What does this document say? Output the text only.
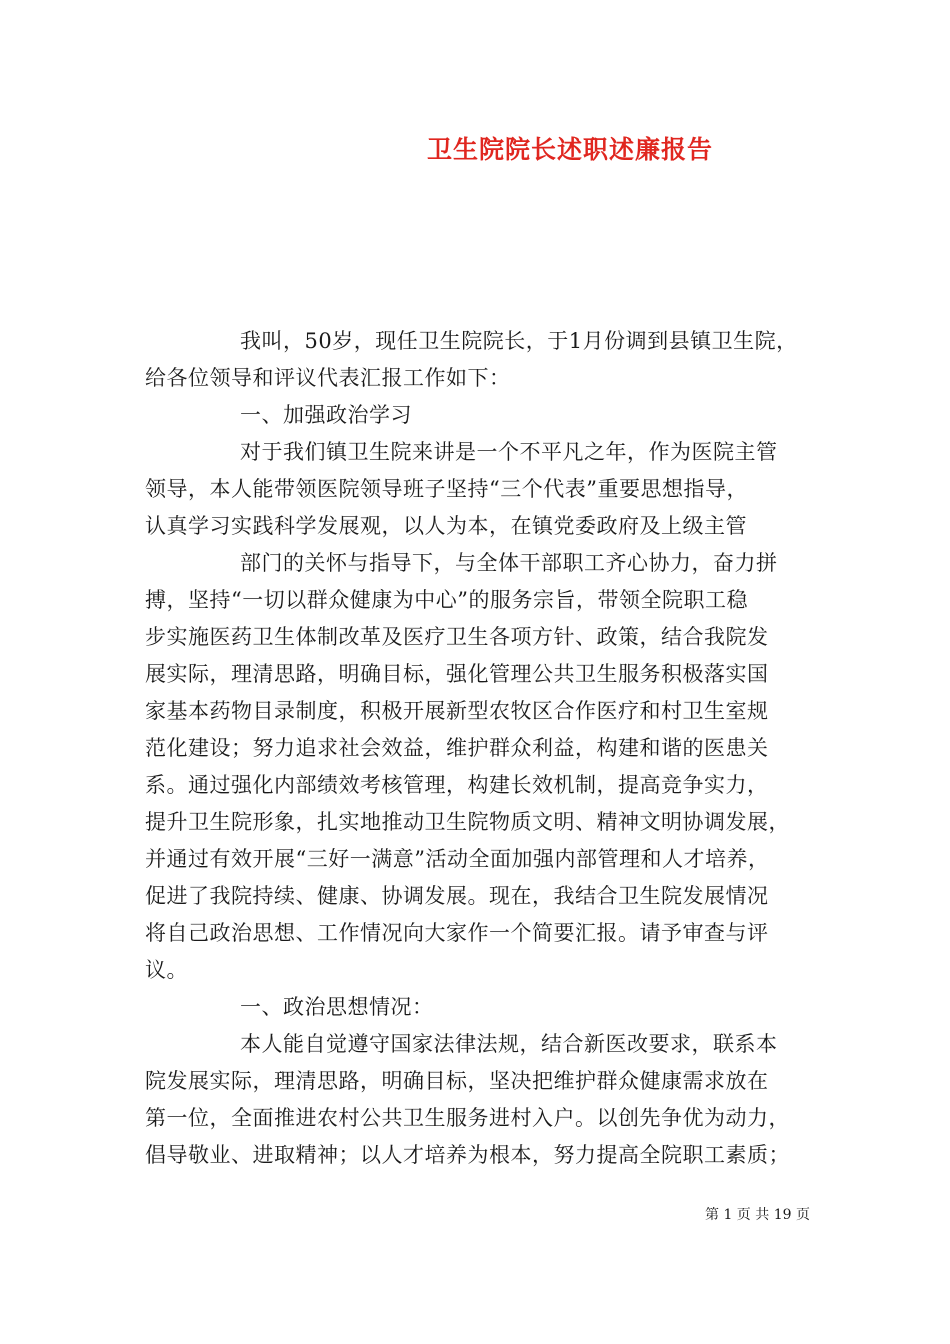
卫生院院长述职述廉报告
我叫，50岁，现任卫生院院长，于1月份调到县镇卫生院，
给各位领导和评议代表汇报工作如下：
一、加强政治学习
对于我们镇卫生院来讲是一个不平凡之年，作为医院主管
领导，本人能带领医院领导班子坚持“三个代表”重要思想指导，
认真学习实践科学发展观，以人为本，在镇党委政府及上级主管
部门的关怀与指导下，与全体干部职工齐心协力，奋力拼
搏，坚持“一切以群众健康为中心”的服务宗旨，带领全院职工稳
步实施医药卫生体制改革及医疗卫生各项方针、政策，结合我院发
展实际，理清思路，明确目标，强化管理公共卫生服务积极落实国
家基本药物目录制度，积极开展新型农牧区合作医疗和村卫生室规
范化建设；努力追求社会效益，维护群众利益，构建和谐的医患关
系。通过强化内部绩效考核管理，构建长效机制，提高竞争实力，
提升卫生院形象，扎实地推动卫生院物质文明、精神文明协调发展，
并通过有效开展“三好一满意”活动全面加强内部管理和人才培养，
促进了我院持续、健康、协调发展。现在，我结合卫生院发展情况
将自己政治思想、工作情况向大家作一个简要汇报。请予审查与评
议。
一、政治思想情况：
本人能自觉遵守国家法律法规，结合新医改要求，联系本
院发展实际，理清思路，明确目标，坚决把维护群众健康需求放在
第一位，全面推进农村公共卫生服务进村入户。以创先争优为动力，
倡导敬业、进取精神；以人才培养为根本，努力提高全院职工素质；
第 1 页 共 19 页
